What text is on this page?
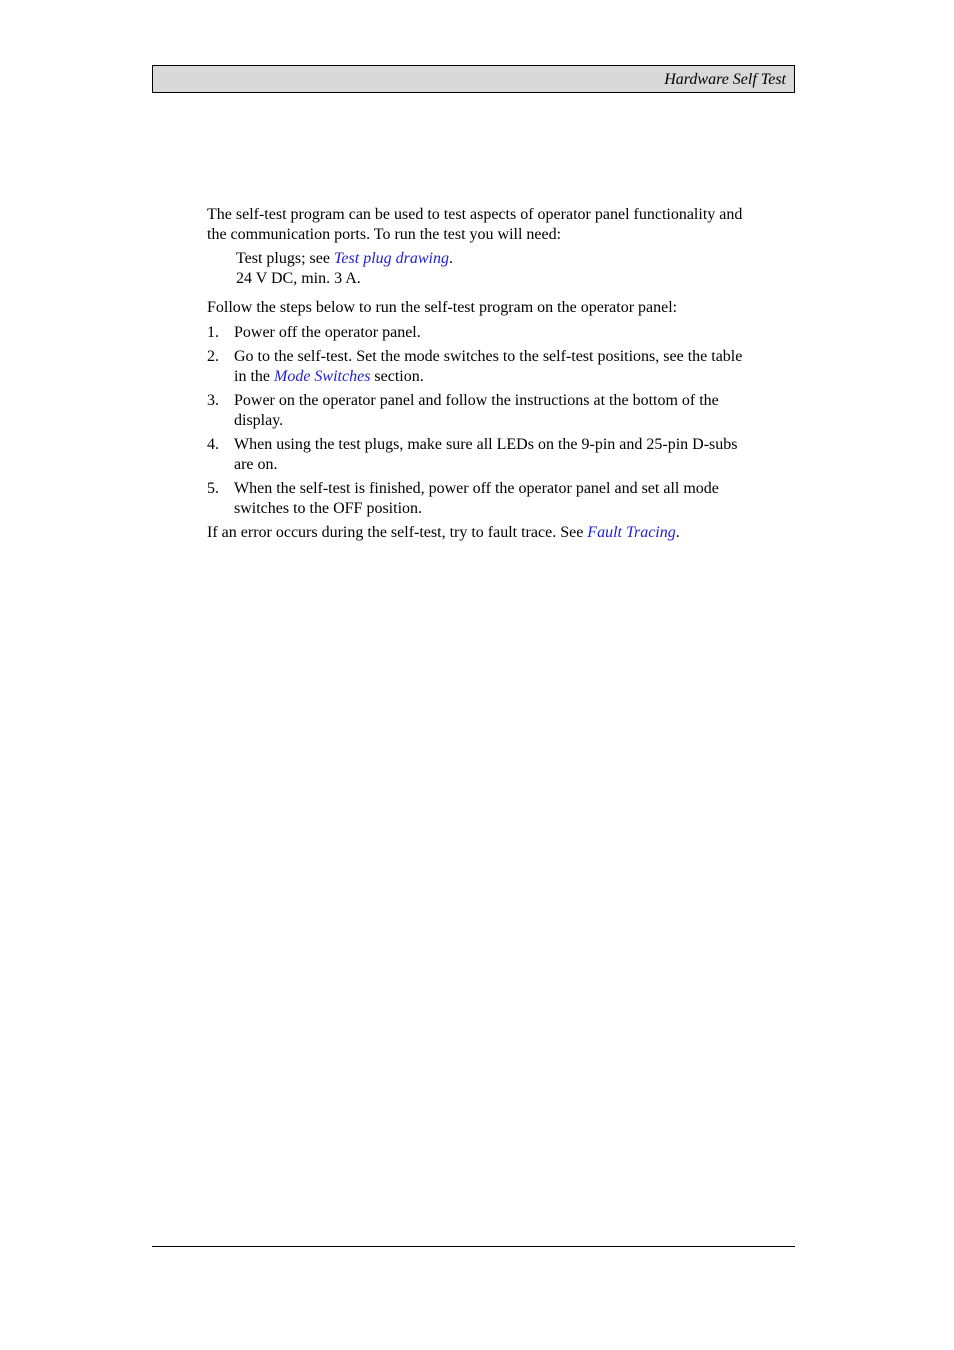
Hardware Self Test

The self-test program can be used to test aspects of operator panel functionality and the communication ports. To run the test you will need:

Test plugs; see Test plug drawing.
24 V DC, min. 3 A.

Follow the steps below to run the self-test program on the operator panel:

1. Power off the operator panel.
2. Go to the self-test. Set the mode switches to the self-test positions, see the table in the Mode Switches section.
3. Power on the operator panel and follow the instructions at the bottom of the display.
4. When using the test plugs, make sure all LEDs on the 9-pin and 25-pin D-subs are on.
5. When the self-test is finished, power off the operator panel and set all mode switches to the OFF position.

If an error occurs during the self-test, try to fault trace. See Fault Tracing.
